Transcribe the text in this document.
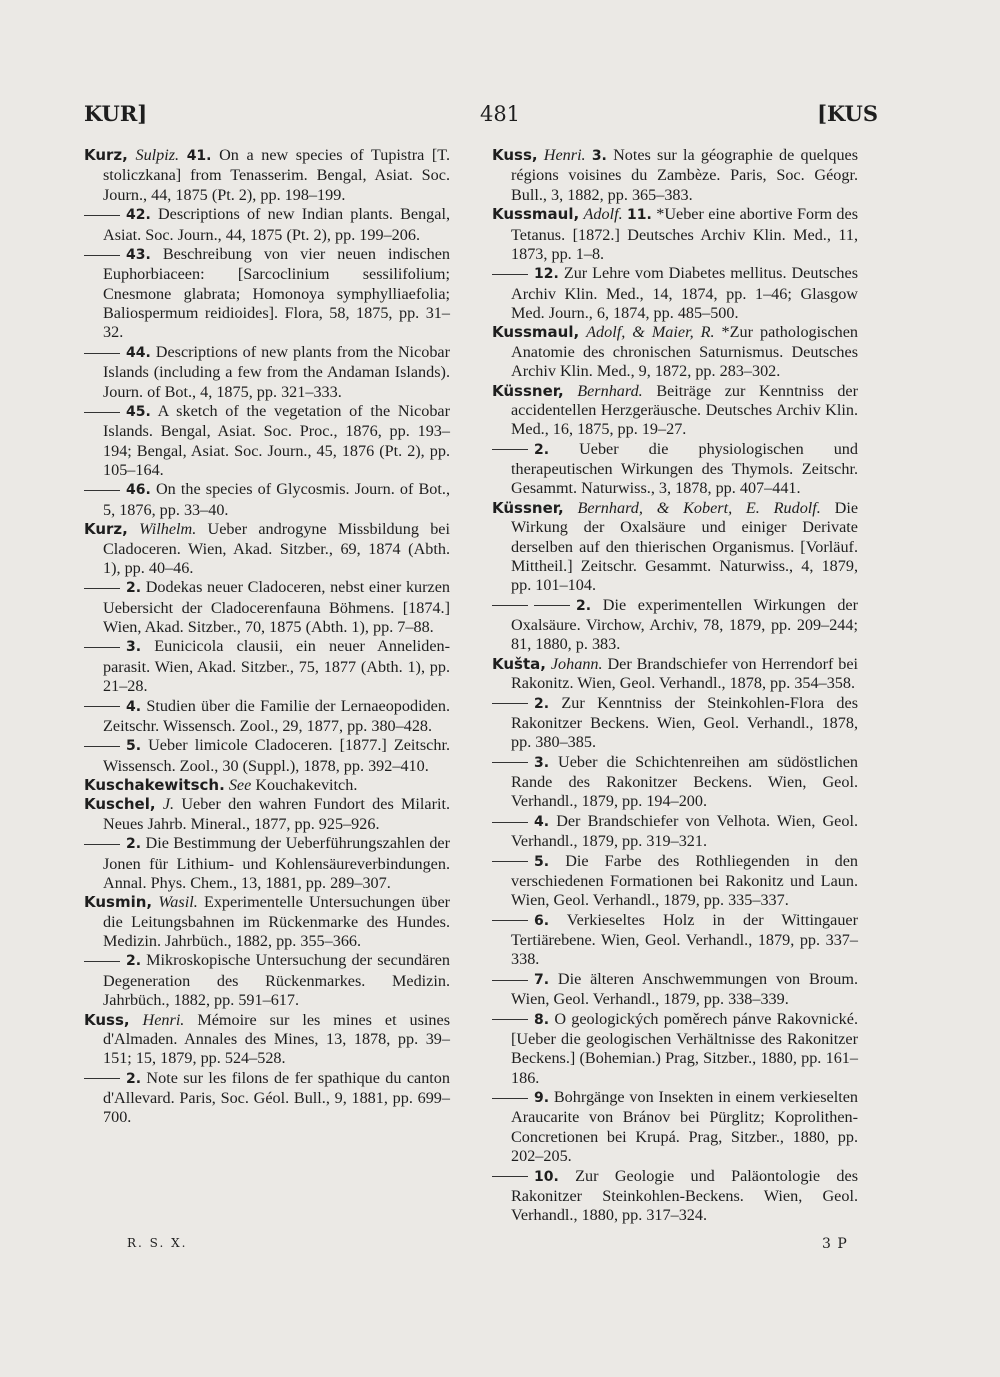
KUR]	481	[KUS

Kurz, Sulpiz. 41. On a new species of Tupistra [T. stoliczkana] from Tenasserim. Bengal, Asiat. Soc. Journ., 44, 1875 (Pt. 2), pp. 198–199.

42. Descriptions of new Indian plants. Bengal, Asiat. Soc. Journ., 44, 1875 (Pt. 2), pp. 199–206.

43. Beschreibung von vier neuen indischen Euphorbiaceen: [Sarcoclinium sessilifolium; Cnesmone glabrata; Homonoya symphylliaefolia; Baliospermum reidioides]. Flora, 58, 1875, pp. 31–32.

44. Descriptions of new plants from the Nicobar Islands (including a few from the Andaman Islands). Journ. of Bot., 4, 1875, pp. 321–333.

45. A sketch of the vegetation of the Nicobar Islands. Bengal, Asiat. Soc. Proc., 1876, pp. 193–194; Bengal, Asiat. Soc. Journ., 45, 1876 (Pt. 2), pp. 105–164.

46. On the species of Glycosmis. Journ. of Bot., 5, 1876, pp. 33–40.

Kurz, Wilhelm. Ueber androgyne Missbildung bei Cladoceren. Wien, Akad. Sitzber., 69, 1874 (Abth. 1), pp. 40–46.

2. Dodekas neuer Cladoceren, nebst einer kurzen Uebersicht der Cladocerenfauna Böhmens. [1874.] Wien, Akad. Sitzber., 70, 1875 (Abth. 1), pp. 7–88.

3. Eunicicola clausii, ein neuer Anneliden-parasit. Wien, Akad. Sitzber., 75, 1877 (Abth. 1), pp. 21–28.

4. Studien über die Familie der Lernaeopodiden. Zeitschr. Wissensch. Zool., 29, 1877, pp. 380–428.

5. Ueber limicole Cladoceren. [1877.] Zeitschr. Wissensch. Zool., 30 (Suppl.), 1878, pp. 392–410.

Kuschakewitsch. See Kouchakevitch.

Kuschel, J. Ueber den wahren Fundort des Milarit. Neues Jahrb. Mineral., 1877, pp. 925–926.

2. Die Bestimmung der Ueberführungszahlen der Jonen für Lithium- und Kohlensäureverbindungen. Annal. Phys. Chem., 13, 1881, pp. 289–307.

Kusmin, Wasil. Experimentelle Untersuchungen über die Leitungsbahnen im Rückenmarke des Hundes. Medizin. Jahrbüch., 1882, pp. 355–366.

2. Mikroskopische Untersuchung der secundären Degeneration des Rückenmarkes. Medizin. Jahrbüch., 1882, pp. 591–617.

Kuss, Henri. Mémoire sur les mines et usines d'Almaden. Annales des Mines, 13, 1878, pp. 39–151; 15, 1879, pp. 524–528.

2. Note sur les filons de fer spathique du canton d'Allevard. Paris, Soc. Géol. Bull., 9, 1881, pp. 699–700.

Kuss, Henri. 3. Notes sur la géographie de quelques régions voisines du Zambèze. Paris, Soc. Géogr. Bull., 3, 1882, pp. 365–383.

Kussmaul, Adolf. 11. *Ueber eine abortive Form des Tetanus. [1872.] Deutsches Archiv Klin. Med., 11, 1873, pp. 1–8.

12. Zur Lehre vom Diabetes mellitus. Deutsches Archiv Klin. Med., 14, 1874, pp. 1–46; Glasgow Med. Journ., 6, 1874, pp. 485–500.

Kussmaul, Adolf, & Maier, R. *Zur pathologischen Anatomie des chronischen Saturnismus. Deutsches Archiv Klin. Med., 9, 1872, pp. 283–302.

Küssner, Bernhard. Beiträge zur Kenntniss der accidentellen Herzgeräusche. Deutsches Archiv Klin. Med., 16, 1875, pp. 19–27.

2. Ueber die physiologischen und therapeutischen Wirkungen des Thymols. Zeitschr. Gesammt. Naturwiss., 3, 1878, pp. 407–441.

Küssner, Bernhard, & Kobert, E. Rudolf. Die Wirkung der Oxalsäure und einiger Derivate derselben auf den thierischen Organismus. [Vorläuf. Mittheil.] Zeitschr. Gesammt. Naturwiss., 4, 1879, pp. 101–104.

2. Die experimentellen Wirkungen der Oxalsäure. Virchow, Archiv, 78, 1879, pp. 209–244; 81, 1880, p. 383.

Kušta, Johann. Der Brandschiefer von Herrendorf bei Rakonitz. Wien, Geol. Verhandl., 1878, pp. 354–358.

2. Zur Kenntniss der Steinkohlen-Flora des Rakonitzer Beckens. Wien, Geol. Verhandl., 1878, pp. 380–385.

3. Ueber die Schichtenreihen am südöstlichen Rande des Rakonitzer Beckens. Wien, Geol. Verhandl., 1879, pp. 194–200.

4. Der Brandschiefer von Velhota. Wien, Geol. Verhandl., 1879, pp. 319–321.

5. Die Farbe des Rothliegenden in den verschiedenen Formationen bei Rakonitz und Laun. Wien, Geol. Verhandl., 1879, pp. 335–337.

6. Verkieseltes Holz in der Wittingauer Tertiärebene. Wien, Geol. Verhandl., 1879, pp. 337–338.

7. Die älteren Anschwemmungen von Broum. Wien, Geol. Verhandl., 1879, pp. 338–339.

8. O geologických poměrech pánve Rakovnické. [Ueber die geologischen Verhältnisse des Rakonitzer Beckens.] (Bohemian.) Prag, Sitzber., 1880, pp. 161–186.

9. Bohrgänge von Insekten in einem verkieselten Araucarite von Bránov bei Pürglitz; Koprolithen-Concretionen bei Krupá. Prag, Sitzber., 1880, pp. 202–205.

10. Zur Geologie und Paläontologie des Rakonitzer Steinkohlen-Beckens. Wien, Geol. Verhandl., 1880, pp. 317–324.

R. S. X.	3 P
